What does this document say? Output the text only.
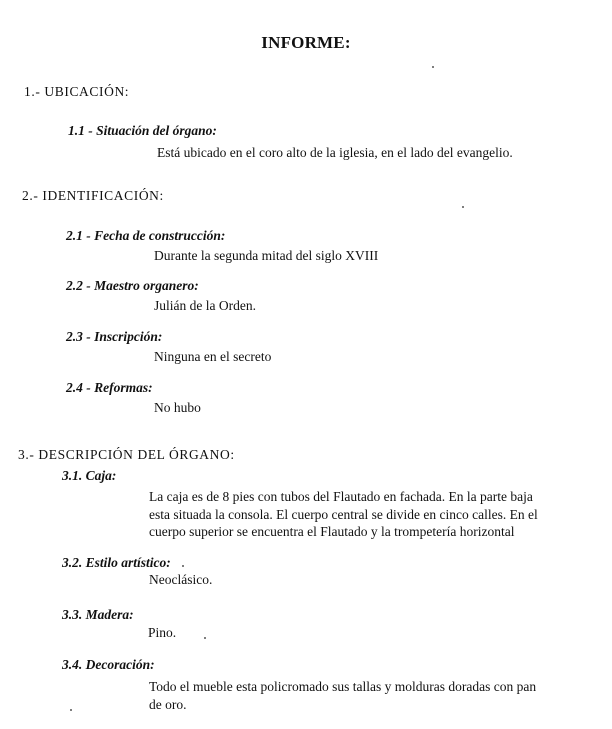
INFORME:
1.- UBICACIÓN:
1.1 - Situación del órgano:
Está ubicado en el coro alto de la iglesia, en el lado del evangelio.
2.- IDENTIFICACIÓN:
2.1 - Fecha de construcción:
Durante la segunda mitad del siglo XVIII
2.2 - Maestro organero:
Julián de la Orden.
2.3 - Inscripción:
Ninguna en el secreto
2.4 - Reformas:
No hubo
3.- DESCRIPCIÓN DEL ÓRGANO:
3.1. Caja:
La caja es de 8 pies con tubos del Flautado en fachada. En la parte baja
esta situada la consola. El cuerpo central se divide en cinco calles. En el
cuerpo superior se encuentra el Flautado y la trompetería horizontal
3.2. Estilo artístico:
Neoclásico.
3.3. Madera:
Pino.
3.4. Decoración:
Todo el mueble esta policromado sus tallas y molduras doradas con pan
de oro.
